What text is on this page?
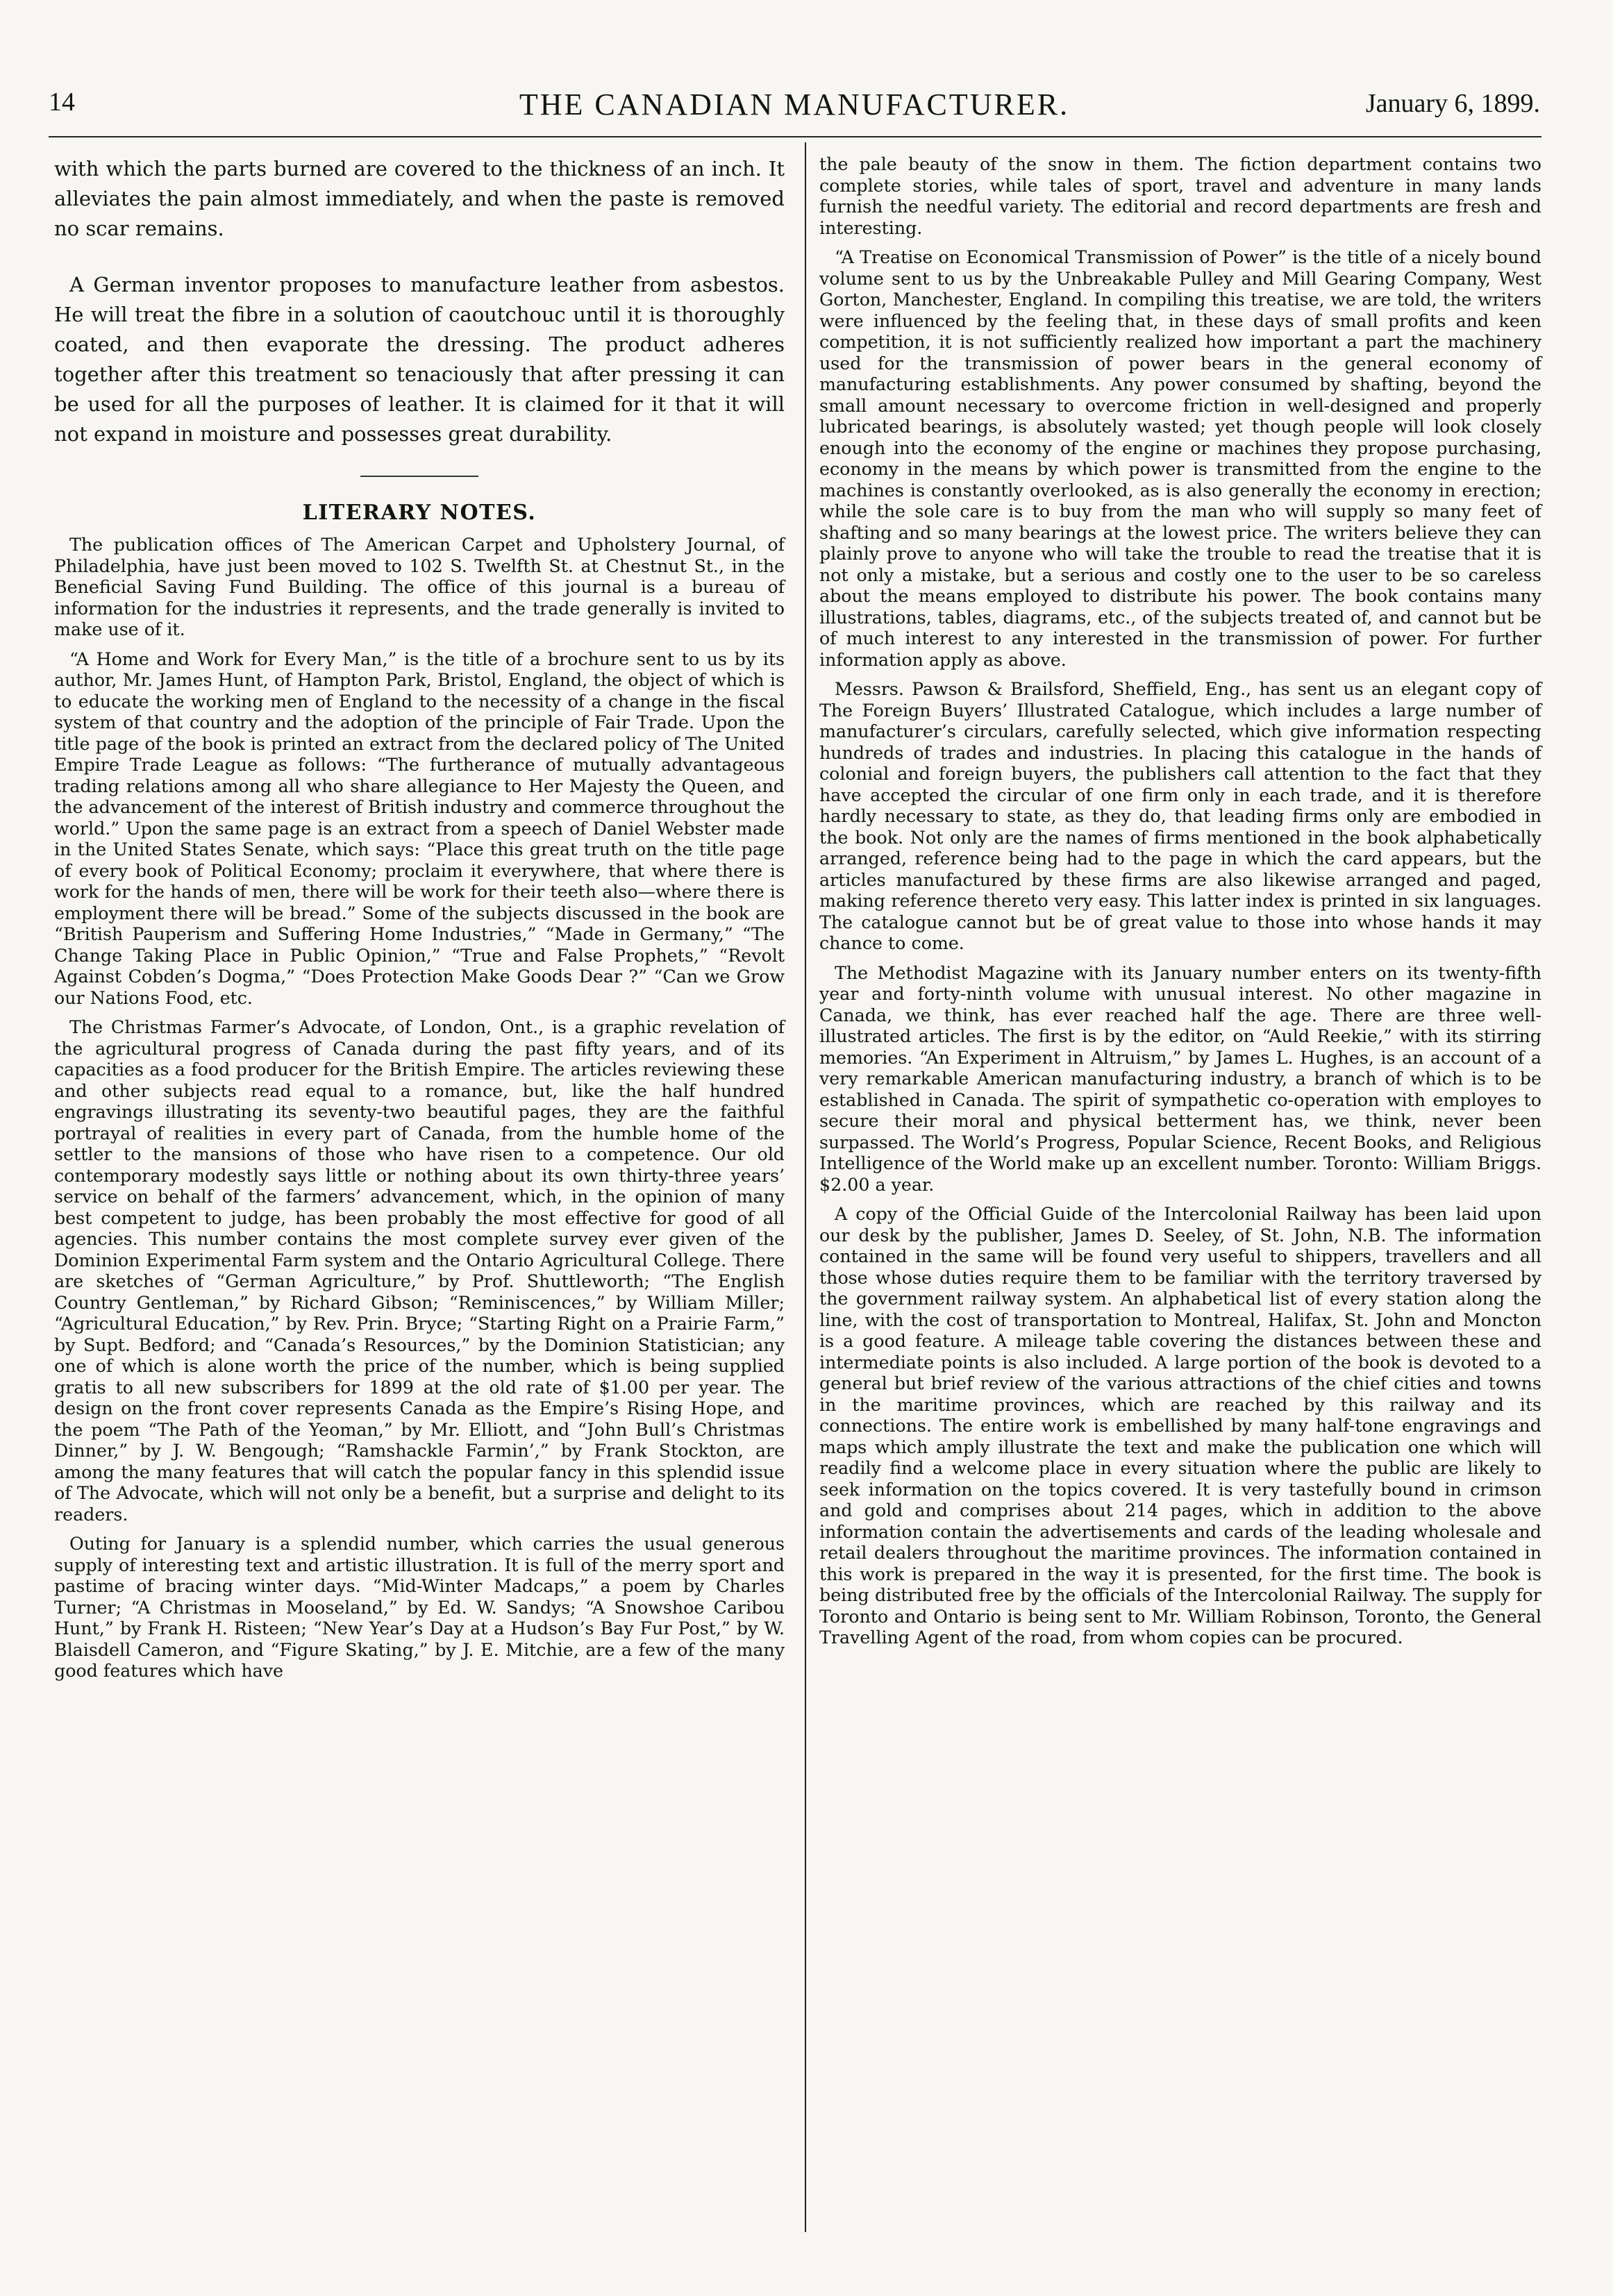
THE CANADIAN MANUFACTURER.
14	January 6, 1899.

with which the parts burned are covered to the thickness of an inch. It alleviates the pain almost immediately, and when the paste is removed no scar remains.

A German inventor proposes to manufacture leather from asbestos. He will treat the fibre in a solution of caoutchouc until it is thoroughly coated, and then evaporate the dressing. The product adheres together after this treatment so tenaciously that after pressing it can be used for all the purposes of leather. It is claimed for it that it will not expand in moisture and possesses great durability.

LITERARY NOTES.

The publication offices of The American Carpet and Upholstery Journal, of Philadelphia, have just been moved to 102 S. Twelfth St. at Chestnut St., in the Beneficial Saving Fund Building. The office of this journal is a bureau of information for the industries it represents, and the trade generally is invited to make use of it.

“A Home and Work for Every Man,” is the title of a brochure sent to us by its author, Mr. James Hunt, of Hampton Park, Bristol, England, the object of which is to educate the working men of England to the necessity of a change in the fiscal system of that country and the adoption of the principle of Fair Trade. Upon the title page of the book is printed an extract from the declared policy of The United Empire Trade League as follows: “The furtherance of mutually advantageous trading relations among all who share allegiance to Her Majesty the Queen, and the advancement of the interest of British industry and commerce throughout the world.” Upon the same page is an extract from a speech of Daniel Webster made in the United States Senate, which says: “Place this great truth on the title page of every book of Political Economy; proclaim it everywhere, that where there is work for the hands of men, there will be work for their teeth also—where there is employment there will be bread.” Some of the subjects discussed in the book are “British Pauperism and Suffering Home Industries,” “Made in Germany,” “The Change Taking Place in Public Opinion,” “True and False Prophets,” “Revolt Against Cobden’s Dogma,” “Does Protection Make Goods Dear ?” “Can we Grow our Nations Food, etc.

The Christmas Farmer’s Advocate, of London, Ont., is a graphic revelation of the agricultural progress of Canada during the past fifty years, and of its capacities as a food producer for the British Empire. The articles reviewing these and other subjects read equal to a romance, but, like the half hundred engravings illustrating its seventy-two beautiful pages, they are the faithful portrayal of realities in every part of Canada, from the humble home of the settler to the mansions of those who have risen to a competence. Our old contemporary modestly says little or nothing about its own thirty-three years’ service on behalf of the farmers’ advancement, which, in the opinion of many best competent to judge, has been probably the most effective for good of all agencies. This number contains the most complete survey ever given of the Dominion Experimental Farm system and the Ontario Agricultural College. There are sketches of “German Agriculture,” by Prof. Shuttleworth; “The English Country Gentleman,” by Richard Gibson; “Reminiscences,” by William Miller; “Agricultural Education,” by Rev. Prin. Bryce; “Starting Right on a Prairie Farm,” by Supt. Bedford; and “Canada’s Resources,” by the Dominion Statistician; any one of which is alone worth the price of the number, which is being supplied gratis to all new subscribers for 1899 at the old rate of $1.00 per year. The design on the front cover represents Canada as the Empire’s Rising Hope, and the poem “The Path of the Yeoman,” by Mr. Elliott, and “John Bull’s Christmas Dinner,” by J. W. Bengough; “Ramshackle Farmin’,” by Frank Stockton, are among the many features that will catch the popular fancy in this splendid issue of The Advocate, which will not only be a benefit, but a surprise and delight to its readers.

Outing for January is a splendid number, which carries the usual generous supply of interesting text and artistic illustration. It is full of the merry sport and pastime of bracing winter days. “Mid-Winter Madcaps,” a poem by Charles Turner; “A Christmas in Mooseland,” by Ed. W. Sandys; “A Snowshoe Caribou Hunt,” by Frank H. Risteen; “New Year’s Day at a Hudson’s Bay Fur Post,” by W. Blaisdell Cameron, and “Figure Skating,” by J. E. Mitchie, are a few of the many good features which have

the pale beauty of the snow in them. The fiction department contains two complete stories, while tales of sport, travel and adventure in many lands furnish the needful variety. The editorial and record departments are fresh and interesting.

“A Treatise on Economical Transmission of Power” is the title of a nicely bound volume sent to us by the Unbreakable Pulley and Mill Gearing Company, West Gorton, Manchester, England. In compiling this treatise, we are told, the writers were influenced by the feeling that, in these days of small profits and keen competition, it is not sufficiently realized how important a part the machinery used for the transmission of power bears in the general economy of manufacturing establishments. Any power consumed by shafting, beyond the small amount necessary to overcome friction in well-designed and properly lubricated bearings, is absolutely wasted; yet though people will look closely enough into the economy of the engine or machines they propose purchasing, economy in the means by which power is transmitted from the engine to the machines is constantly overlooked, as is also generally the economy in erection; while the sole care is to buy from the man who will supply so many feet of shafting and so many bearings at the lowest price. The writers believe they can plainly prove to anyone who will take the trouble to read the treatise that it is not only a mistake, but a serious and costly one to the user to be so careless about the means employed to distribute his power. The book contains many illustrations, tables, diagrams, etc., of the subjects treated of, and cannot but be of much interest to any interested in the transmission of power. For further information apply as above.

Messrs. Pawson & Brailsford, Sheffield, Eng., has sent us an elegant copy of The Foreign Buyers’ Illustrated Catalogue, which includes a large number of manufacturer’s circulars, carefully selected, which give information respecting hundreds of trades and industries. In placing this catalogue in the hands of colonial and foreign buyers, the publishers call attention to the fact that they have accepted the circular of one firm only in each trade, and it is therefore hardly necessary to state, as they do, that leading firms only are embodied in the book. Not only are the names of firms mentioned in the book alphabetically arranged, reference being had to the page in which the card appears, but the articles manufactured by these firms are also likewise arranged and paged, making reference thereto very easy. This latter index is printed in six languages. The catalogue cannot but be of great value to those into whose hands it may chance to come.

The Methodist Magazine with its January number enters on its twenty-fifth year and forty-ninth volume with unusual interest. No other magazine in Canada, we think, has ever reached half the age. There are three well-illustrated articles. The first is by the editor, on “Auld Reekie,” with its stirring memories. “An Experiment in Altruism,” by James L. Hughes, is an account of a very remarkable American manufacturing industry, a branch of which is to be established in Canada. The spirit of sympathetic co-operation with employes to secure their moral and physical betterment has, we think, never been surpassed. The World’s Progress, Popular Science, Recent Books, and Religious Intelligence of the World make up an excellent number. Toronto: William Briggs. $2.00 a year.

A copy of the Official Guide of the Intercolonial Railway has been laid upon our desk by the publisher, James D. Seeley, of St. John, N.B. The information contained in the same will be found very useful to shippers, travellers and all those whose duties require them to be familiar with the territory traversed by the government railway system. An alphabetical list of every station along the line, with the cost of transportation to Montreal, Halifax, St. John and Moncton is a good feature. A mileage table covering the distances between these and intermediate points is also included. A large portion of the book is devoted to a general but brief review of the various attractions of the chief cities and towns in the maritime provinces, which are reached by this railway and its connections. The entire work is embellished by many half-tone engravings and maps which amply illustrate the text and make the publication one which will readily find a welcome place in every situation where the public are likely to seek information on the topics covered. It is very tastefully bound in crimson and gold and comprises about 214 pages, which in addition to the above information contain the advertisements and cards of the leading wholesale and retail dealers throughout the maritime provinces. The information contained in this work is prepared in the way it is presented, for the first time. The book is being distributed free by the officials of the Intercolonial Railway. The supply for Toronto and Ontario is being sent to Mr. William Robinson, Toronto, the General Travelling Agent of the road, from whom copies can be procured.
